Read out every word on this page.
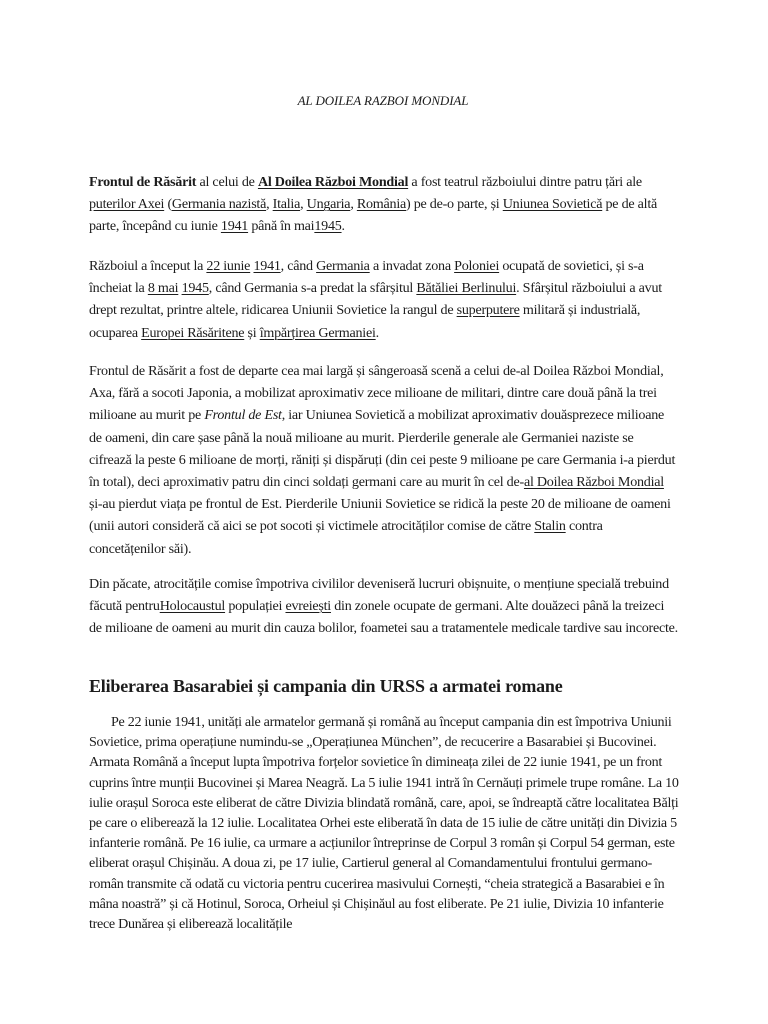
AL DOILEA RAZBOI MONDIAL

Frontul de Răsărit al celui de Al Doilea Război Mondial a fost teatrul războiului dintre patru țări ale puterilor Axei (Germania nazistă, Italia, Ungaria, România) pe de-o parte, și Uniunea Sovietică pe de altă parte, începând cu iunie 1941 până în mai1945.

Războiul a început la 22 iunie 1941, când Germania a invadat zona Poloniei ocupată de sovietici, și s-a încheiat la 8 mai 1945, când Germania s-a predat la sfârșitul Bătăliei Berlinului. Sfârșitul războiului a avut drept rezultat, printre altele, ridicarea Uniunii Sovietice la rangul de superputere militară și industrială, ocuparea Europei Răsăritene și împărțirea Germaniei.

Frontul de Răsărit a fost de departe cea mai largă și sângeroasă scenă a celui de-al Doilea Război Mondial, Axa, fără a socoti Japonia, a mobilizat aproximativ zece milioane de militari, dintre care două până la trei milioane au murit pe Frontul de Est, iar Uniunea Sovietică a mobilizat aproximativ douăsprezece milioane de oameni, din care șase până la nouă milioane au murit. Pierderile generale ale Germaniei naziste se cifrează la peste 6 milioane de morți, răniți și dispăruți (din cei peste 9 milioane pe care Germania i-a pierdut în total), deci aproximativ patru din cinci soldați germani care au murit în cel de-al Doilea Război Mondial și-au pierdut viața pe frontul de Est. Pierderile Uniunii Sovietice se ridică la peste 20 de milioane de oameni (unii autori consideră că aici se pot socoti și victimele atrocităților comise de către Stalin contra concetățenilor săi).

Din păcate, atrocitățile comise împotriva civililor deveniseră lucruri obișnuite, o mențiune specială trebuind făcută pentruHolocaustul populației evreiești din zonele ocupate de germani. Alte douăzeci până la treizeci de milioane de oameni au murit din cauza bolilor, foametei sau a tratamentele medicale tardive sau incorecte.

Eliberarea Basarabiei și campania din URSS a armatei romane

Pe 22 iunie 1941, unități ale armatelor germană și română au început campania din est împotriva Uniunii Sovietice, prima operațiune numindu-se „Operațiunea München”, de recucerire a Basarabiei și Bucovinei. Armata Română a început lupta împotriva forțelor sovietice în dimineața zilei de 22 iunie 1941, pe un front cuprins între munții Bucovinei și Marea Neagră. La 5 iulie 1941 intră în Cernăuți primele trupe române. La 10 iulie orașul Soroca este eliberat de către Divizia blindată română, care, apoi, se îndreaptă către localitatea Bălți pe care o eliberează la 12 iulie. Localitatea Orhei este eliberată în data de 15 iulie de către unități din Divizia 5 infanterie română. Pe 16 iulie, ca urmare a acțiunilor întreprinse de Corpul 3 român și Corpul 54 german, este eliberat orașul Chișinău. A doua zi, pe 17 iulie, Cartierul general al Comandamentului frontului germano-român transmite că odată cu victoria pentru cucerirea masivului Cornești, “cheia strategică a Basarabiei e în mâna noastră” și că Hotinul, Soroca, Orheiul și Chișinăul au fost eliberate. Pe 21 iulie, Divizia 10 infanterie trece Dunărea și eliberează localitățile
